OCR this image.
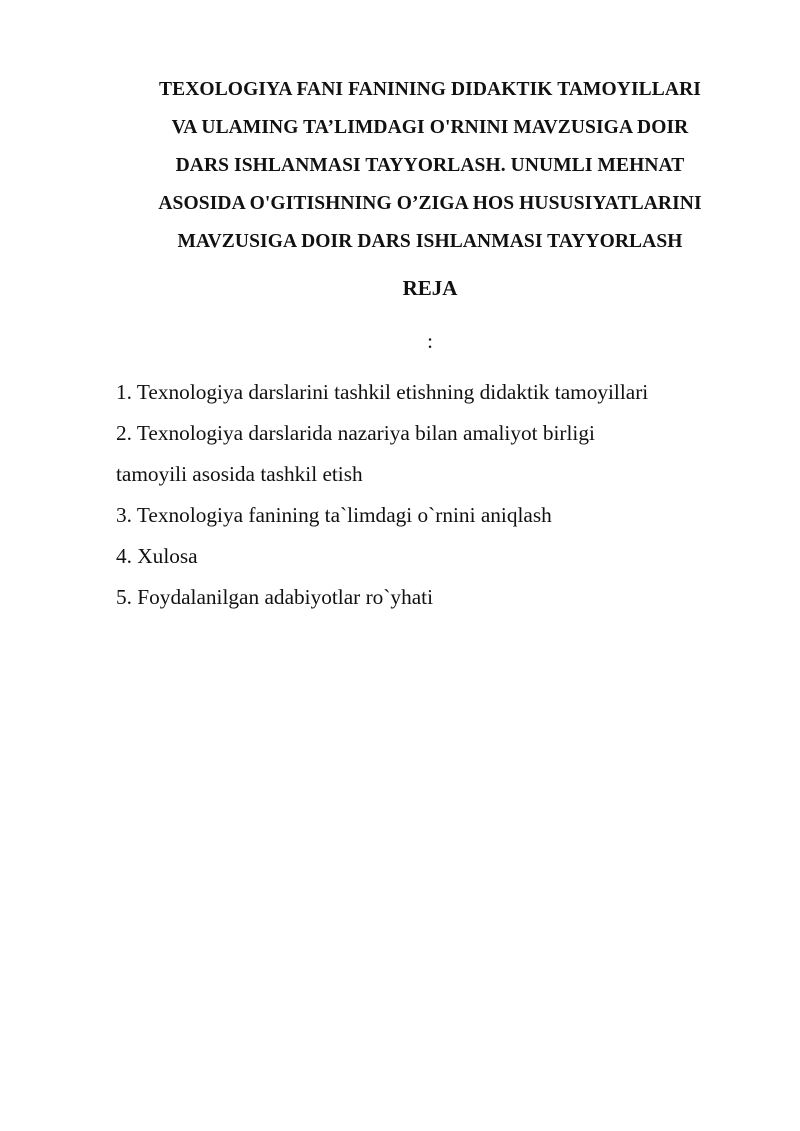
TEXOLOGIYA FANI FANINING DIDAKTIK TAMOYILLARI
VA ULAMING TA’LIMDAGI O'RNINI MAVZUSIGA DOIR
DARS ISHLANMASI TAYYORLASH. UNUMLI MEHNAT
ASOSIDA O'GITISHNING O’ZIGA HOS HUSUSIYATLARINI
MAVZUSIGA DOIR DARS ISHLANMASI TAYYORLASH
REJA
:
1. Texnologiya darslarini tashkil etishning didaktik tamoyillari
2. Texnologiya darslarida nazariya bilan amaliyot birligi
tamoyili asosida tashkil etish
3. Texnologiya fanining ta`limdagi o`rnini aniqlash
4. Xulosa
5. Foydalanilgan adabiyotlar ro`yhati
